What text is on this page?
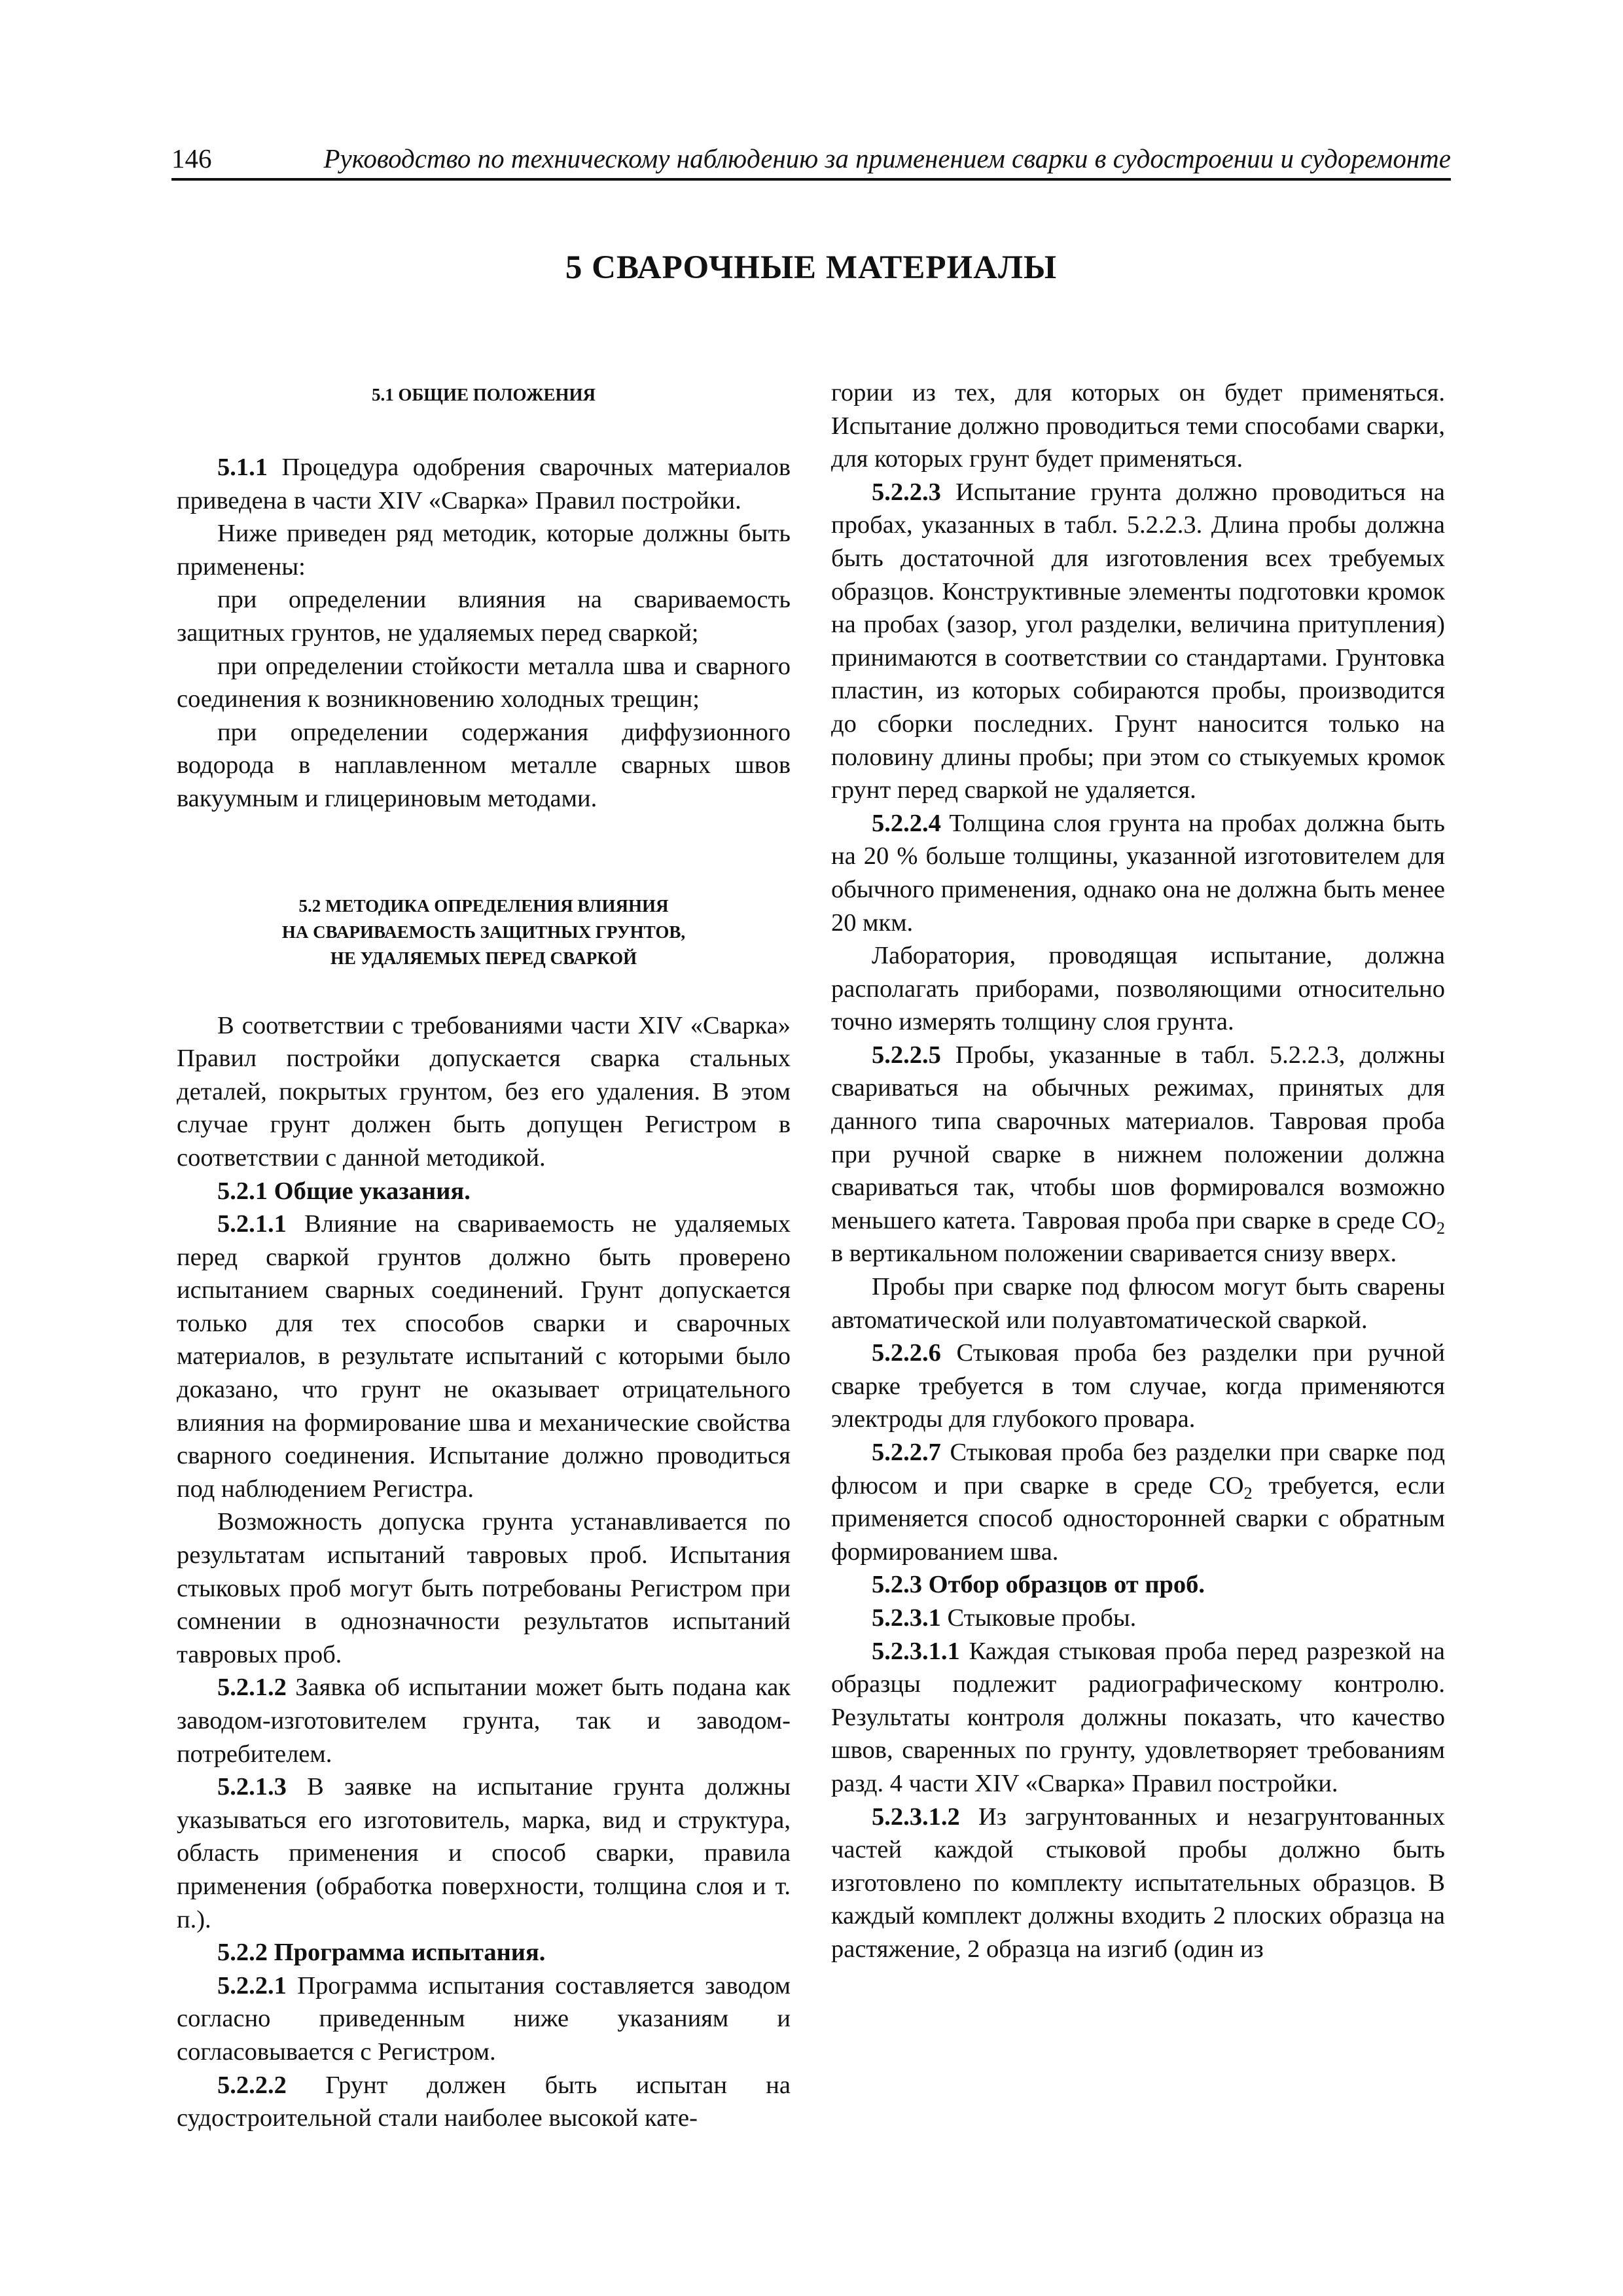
146	Руководство по техническому наблюдению за применением сварки в судостроении и судоремонте
5 СВАРОЧНЫЕ МАТЕРИАЛЫ

5.1 ОБЩИЕ ПОЛОЖЕНИЯ

5.1.1 Процедура одобрения сварочных материалов приведена в части XIV «Сварка» Правил постройки.

Ниже приведен ряд методик, которые должны быть применены:

при определении влияния на свариваемость защитных грунтов, не удаляемых перед сваркой;

при определении стойкости металла шва и сварного соединения к возникновению холодных трещин;

при определении содержания диффузионного водорода в наплавленном металле сварных швов вакуумным и глицериновым методами.

5.2 МЕТОДИКА ОПРЕДЕЛЕНИЯ ВЛИЯНИЯ
НА СВАРИВАЕМОСТЬ ЗАЩИТНЫХ ГРУНТОВ,
НЕ УДАЛЯЕМЫХ ПЕРЕД СВАРКОЙ

В соответствии с требованиями части XIV «Сварка» Правил постройки допускается сварка стальных деталей, покрытых грунтом, без его удаления. В этом случае грунт должен быть допущен Регистром в соответствии с данной методикой.

5.2.1 Общие указания.

5.2.1.1 Влияние на свариваемость не удаляемых перед сваркой грунтов должно быть проверено испытанием сварных соединений. Грунт допускается только для тех способов сварки и сварочных материалов, в результате испытаний с которыми было доказано, что грунт не оказывает отрицательного влияния на формирование шва и механические свойства сварного соединения. Испытание должно проводиться под наблюдением Регистра.

Возможность допуска грунта устанавливается по результатам испытаний тавровых проб. Испытания стыковых проб могут быть потребованы Регистром при сомнении в однозначности результатов испытаний тавровых проб.

5.2.1.2 Заявка об испытании может быть подана как заводом-изготовителем грунта, так и заводом-потребителем.

5.2.1.3 В заявке на испытание грунта должны указываться его изготовитель, марка, вид и структура, область применения и способ сварки, правила применения (обработка поверхности, толщина слоя и т. п.).

5.2.2 Программа испытания.

5.2.2.1 Программа испытания составляется заводом согласно приведенным ниже указаниям и согласовывается с Регистром.

5.2.2.2 Грунт должен быть испытан на судостроительной стали наиболее высокой кате-

гории из тех, для которых он будет применяться. Испытание должно проводиться теми способами сварки, для которых грунт будет применяться.

5.2.2.3 Испытание грунта должно проводиться на пробах, указанных в табл. 5.2.2.3. Длина пробы должна быть достаточной для изготовления всех требуемых образцов. Конструктивные элементы подготовки кромок на пробах (зазор, угол разделки, величина притупления) принимаются в соответствии со стандартами. Грунтовка пластин, из которых собираются пробы, производится до сборки последних. Грунт наносится только на половину длины пробы; при этом со стыкуемых кромок грунт перед сваркой не удаляется.

5.2.2.4 Толщина слоя грунта на пробах должна быть на 20 % больше толщины, указанной изготовителем для обычного применения, однако она не должна быть менее 20 мкм.

Лаборатория, проводящая испытание, должна располагать приборами, позволяющими относительно точно измерять толщину слоя грунта.

5.2.2.5 Пробы, указанные в табл. 5.2.2.3, должны свариваться на обычных режимах, принятых для данного типа сварочных материалов. Тавровая проба при ручной сварке в нижнем положении должна свариваться так, чтобы шов формировался возможно меньшего катета. Тавровая проба при сварке в среде $CO_2$ в вертикальном положении сваривается снизу вверх.

Пробы при сварке под флюсом могут быть сварены автоматической или полуавтоматической сваркой.

5.2.2.6 Стыковая проба без разделки при ручной сварке требуется в том случае, когда применяются электроды для глубокого провара.

5.2.2.7 Стыковая проба без разделки при сварке под флюсом и при сварке в среде $CO_2$ требуется, если применяется способ односторонней сварки с обратным формированием шва.

5.2.3 Отбор образцов от проб.

5.2.3.1 Стыковые пробы.

5.2.3.1.1 Каждая стыковая проба перед разрезкой на образцы подлежит радиографическому контролю. Результаты контроля должны показать, что качество швов, сваренных по грунту, удовлетворяет требованиям разд. 4 части XIV «Сварка» Правил постройки.

5.2.3.1.2 Из загрунтованных и незагрунтованных частей каждой стыковой пробы должно быть изготовлено по комплекту испытательных образцов. В каждый комплект должны входить 2 плоских образца на растяжение, 2 образца на изгиб (один из
